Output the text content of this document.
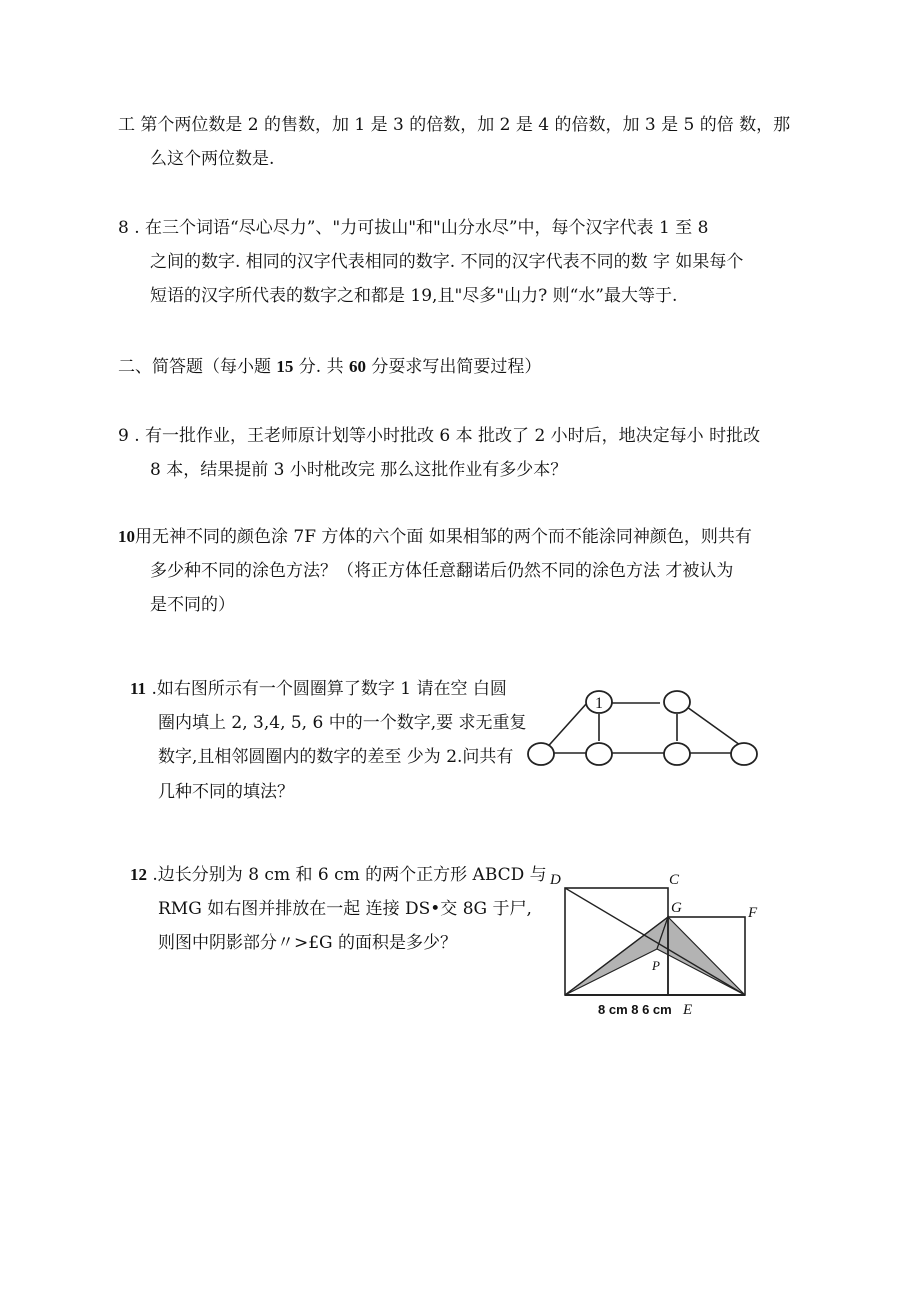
工 第个两位数是 2 的售数，加 1 是 3 的倍数，加 2 是 4 的倍数，加 3 是 5 的倍 数，那
么这个两位数是.
8 . 在三个词语“尽心尽力”、"力可拔山"和"山分水尽”中，每个汉字代表 1 至 8
之间的数字. 相同的汉字代表相同的数字. 不同的汉字代表不同的数 字 如果每个
短语的汉字所代表的数字之和都是 19,且"尽多"山力? 则“水”最大等于.
二、简答题（每小题 15 分. 共 60 分耍求写出简要过程）
9 . 有一批作业，王老师原计划等小时批改 6 本 批改了 2 小时后，地决定每小 时批改
8 本，结果提前 3 小时枇改完 那么这批作业有多少本？
10用无神不同的颜色涂 7F 方体的六个面 如果相邹的两个而不能涂同神颜色，则共有
多少种不同的涂色方法？（将正方体任意翻诺后仍然不同的涂色方法 才被认为
是不同的）
11 .如右图所示有一个圆圈算了数字 1 请在空 白圆
圈内填上 2, 3,4, 5, 6 中的一个数字,要 求无重复
数字,且相邻圆圈内的数字的差至 少为 2.问共有
几种不同的填法？
1
12 .边长分别为 8 cm 和 6 cm 的两个正方形 ABCD 与
RMG 如右图并排放在一起 连接 DS•交 8G 于尸,
则图中阴影部分〃>£G 的面积是多少？
D	C
G	F
P
8 cm 8 6 cm E
